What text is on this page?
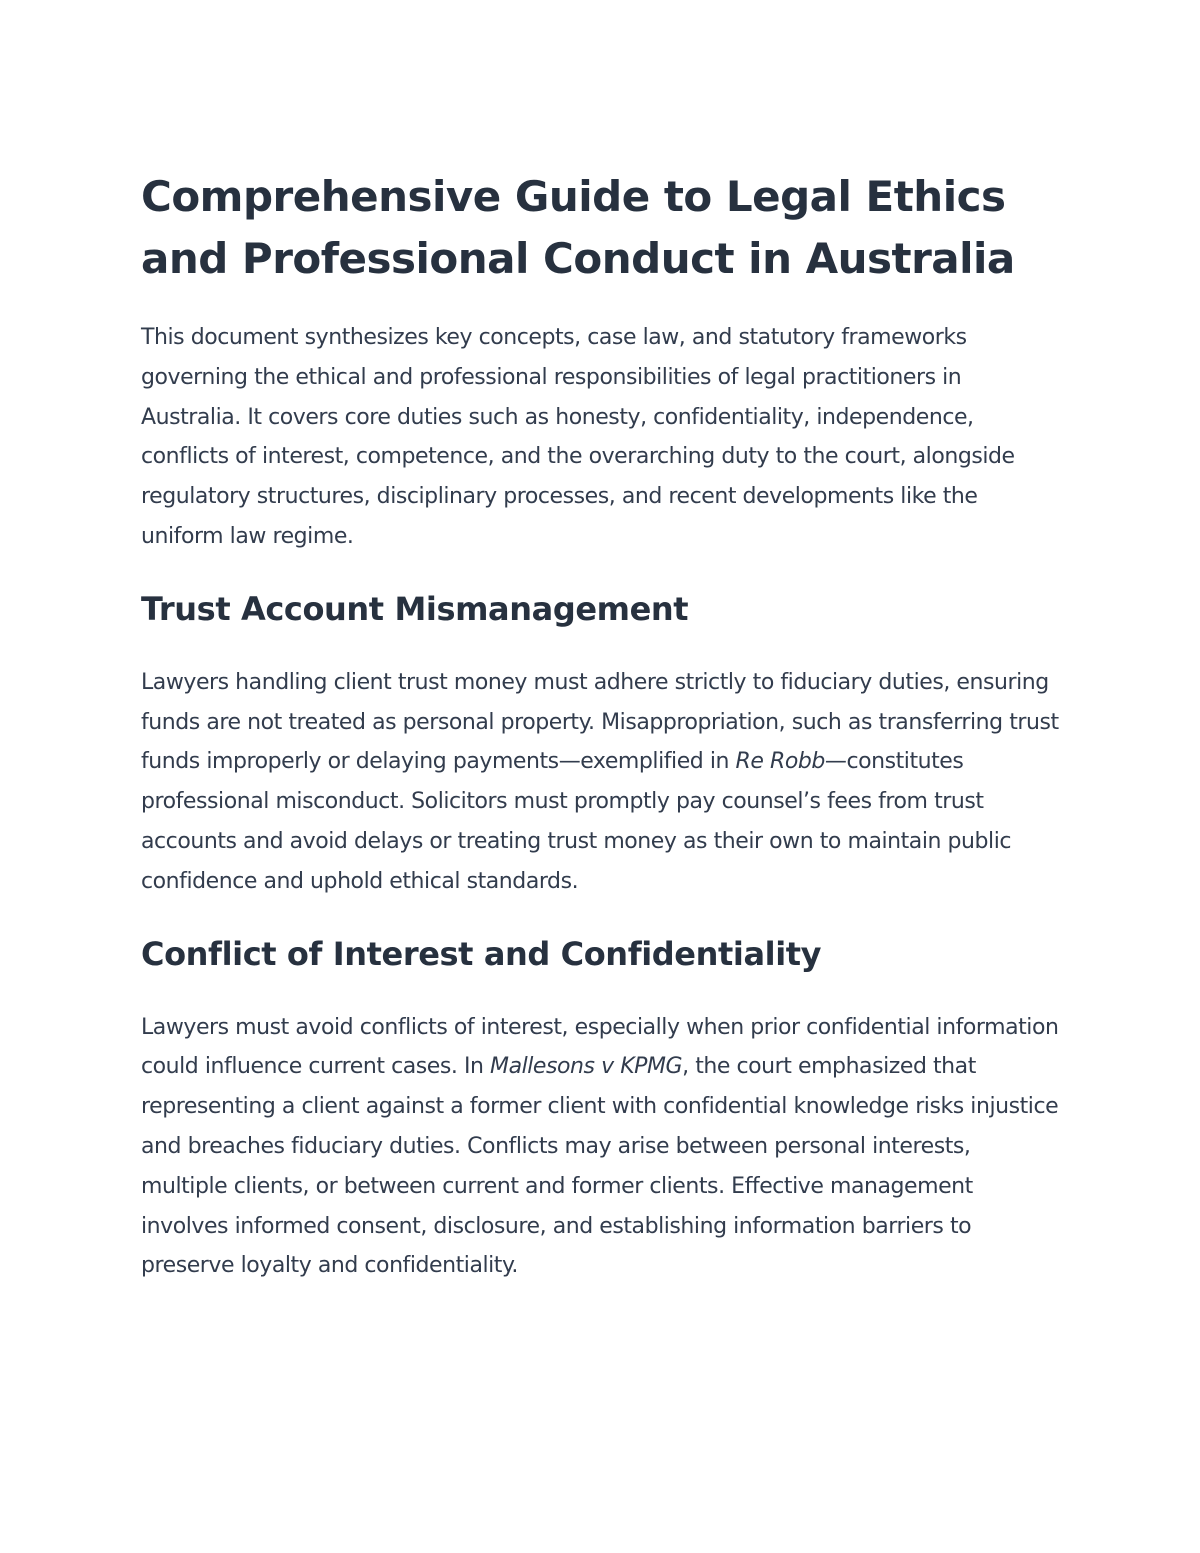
Comprehensive Guide to Legal Ethics and Professional Conduct in Australia

This document synthesizes key concepts, case law, and statutory frameworks governing the ethical and professional responsibilities of legal practitioners in Australia. It covers core duties such as honesty, confidentiality, independence, conflicts of interest, competence, and the overarching duty to the court, alongside regulatory structures, disciplinary processes, and recent developments like the uniform law regime.

Trust Account Mismanagement

Lawyers handling client trust money must adhere strictly to fiduciary duties, ensuring funds are not treated as personal property. Misappropriation, such as transferring trust funds improperly or delaying payments—exemplified in Re Robb—constitutes professional misconduct. Solicitors must promptly pay counsel’s fees from trust accounts and avoid delays or treating trust money as their own to maintain public confidence and uphold ethical standards.

Conflict of Interest and Confidentiality

Lawyers must avoid conflicts of interest, especially when prior confidential information could influence current cases. In Mallesons v KPMG, the court emphasized that representing a client against a former client with confidential knowledge risks injustice and breaches fiduciary duties. Conflicts may arise between personal interests, multiple clients, or between current and former clients. Effective management involves informed consent, disclosure, and establishing information barriers to preserve loyalty and confidentiality.
